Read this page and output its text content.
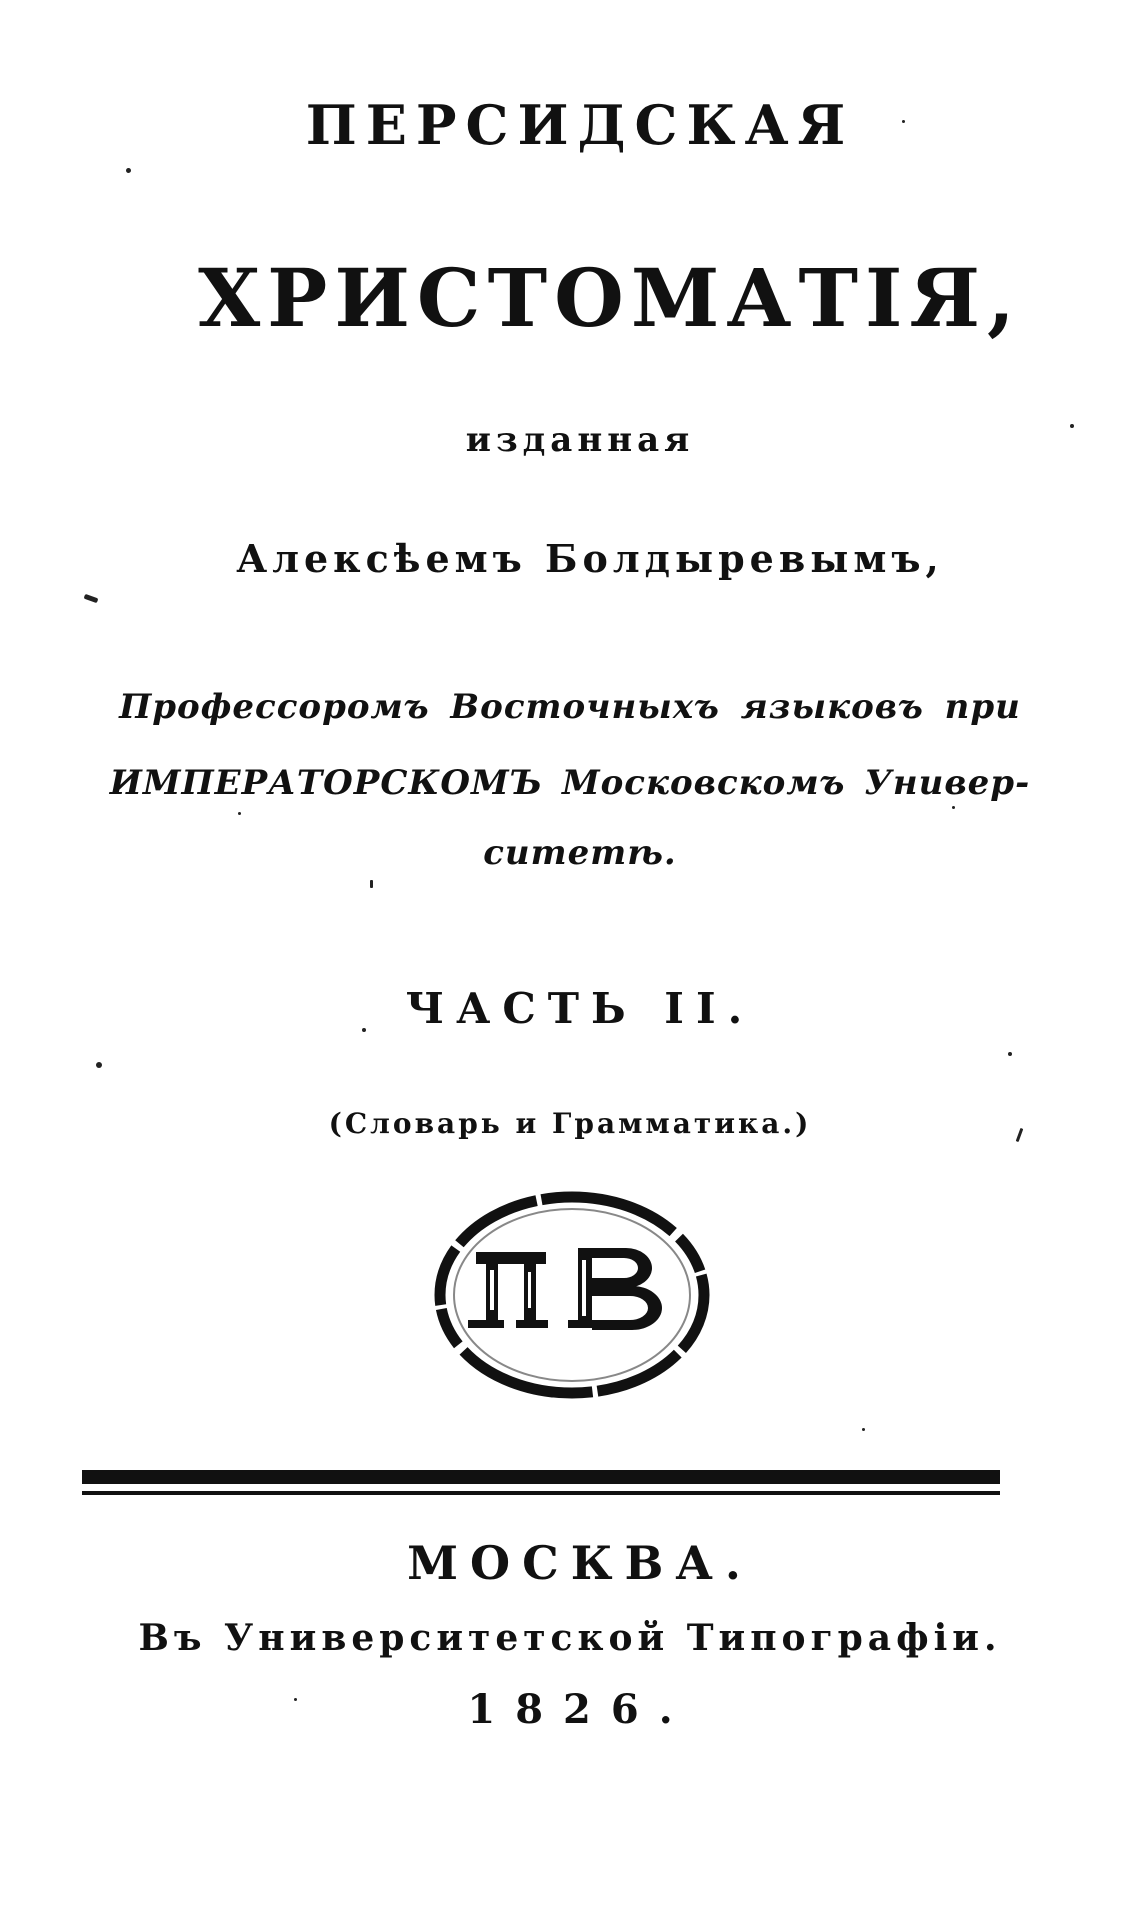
ПЕРСИДСКАЯ
ХРИСТОМАТІЯ,
изданная
Алексѣемъ Болдыревымъ,
Профессоромъ Восточныхъ языковъ при
ИМПЕРАТОРСКОМЪ Московскомъ Универ-
ситетѣ.
ЧАСТЬ II.
(Словарь и Грамматика.)
МОСКВА.
Въ Университетской Типографіи.
1826.
